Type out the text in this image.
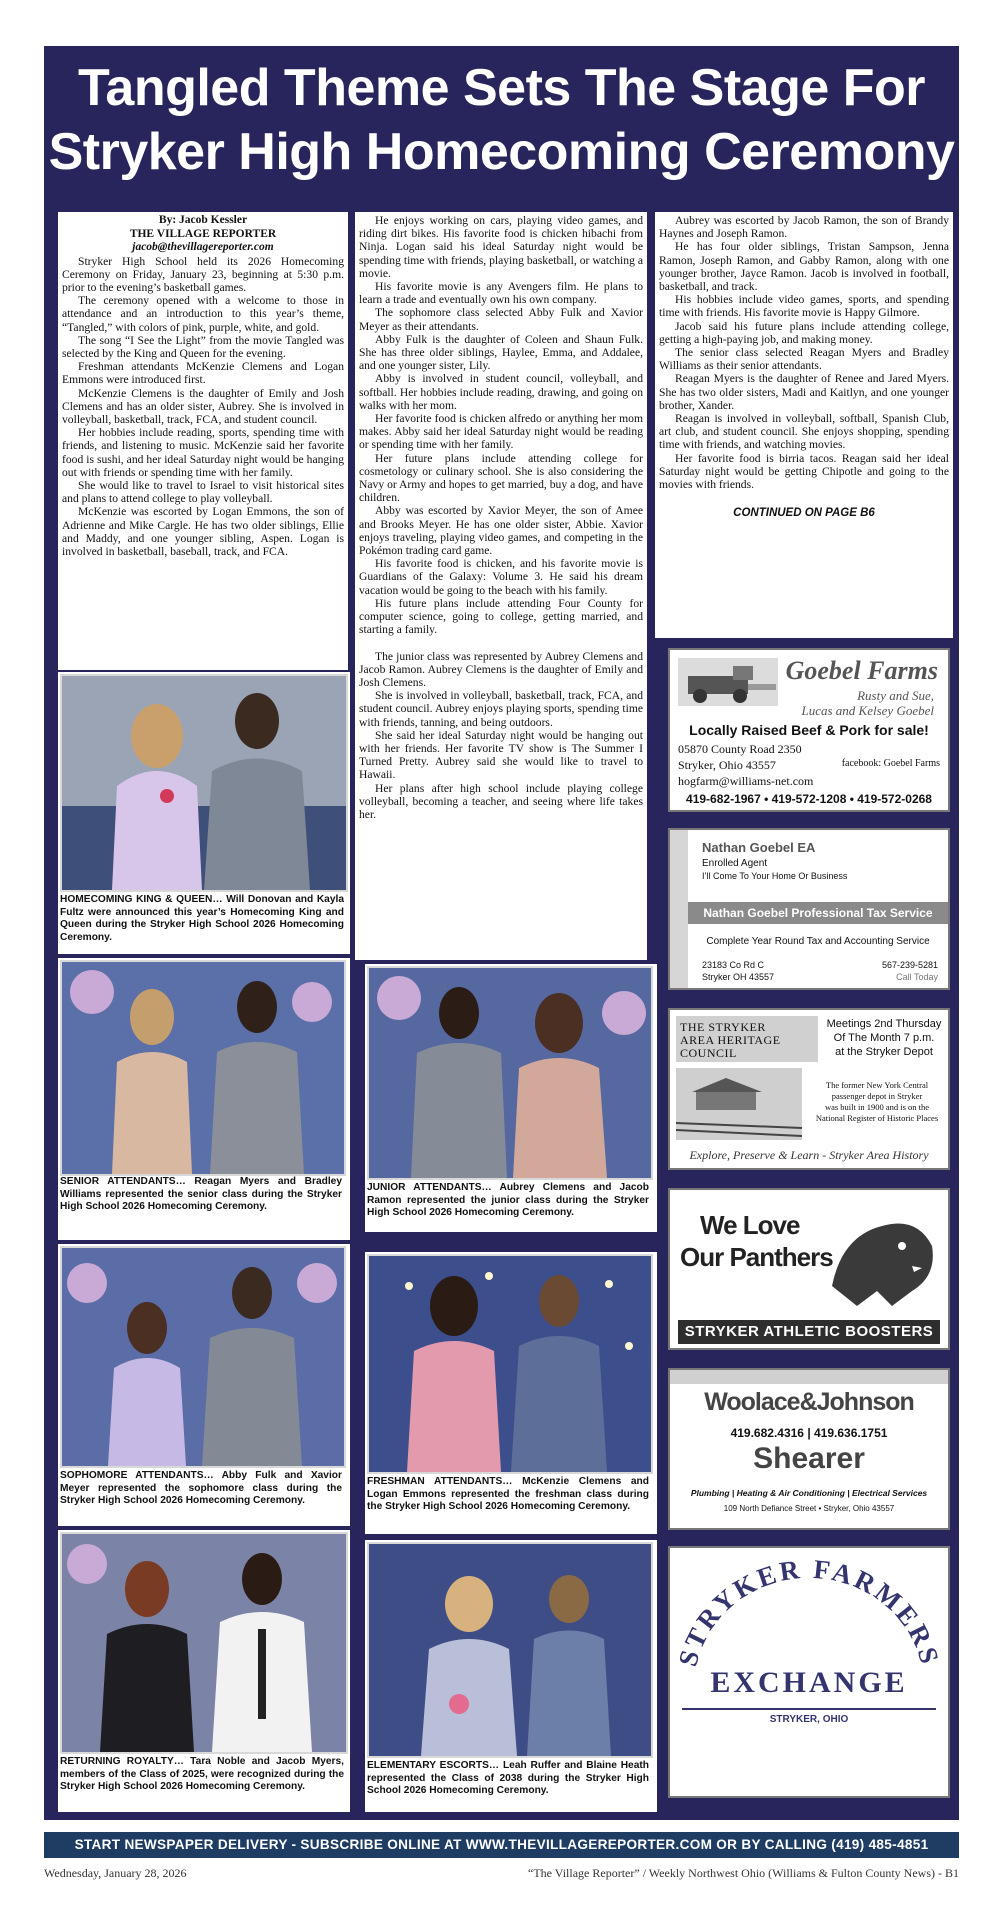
Tangled Theme Sets The Stage For
Stryker High Homecoming Ceremony
By: Jacob Kessler
THE VILLAGE REPORTER
jacob@thevillagereporter.com

Stryker High School held its 2026 Homecoming Ceremony on Friday, January 23, beginning at 5:30 p.m. prior to the evening’s basketball games.

The ceremony opened with a welcome to those in attendance and an introduction to this year’s theme, “Tangled,” with colors of pink, purple, white, and gold.

The song “I See the Light” from the movie Tangled was selected by the King and Queen for the evening.

Freshman attendants McKenzie Clemens and Logan Emmons were introduced first.

McKenzie Clemens is the daughter of Emily and Josh Clemens and has an older sister, Aubrey. She is involved in volleyball, basketball, track, FCA, and student council.

Her hobbies include reading, sports, spending time with friends, and listening to music. McKenzie said her favorite food is sushi, and her ideal Saturday night would be hanging out with friends or spending time with her family.

She would like to travel to Israel to visit historical sites and plans to attend college to play volleyball.

McKenzie was escorted by Logan Emmons, the son of Adrienne and Mike Cargle. He has two older siblings, Ellie and Maddy, and one younger sibling, Aspen. Logan is involved in basketball, baseball, track, and FCA.

He enjoys working on cars, playing video games, and riding dirt bikes. His favorite food is chicken hibachi from Ninja. Logan said his ideal Saturday night would be spending time with friends, playing basketball, or watching a movie.

His favorite movie is any Avengers film. He plans to learn a trade and eventually own his own company.

The sophomore class selected Abby Fulk and Xavior Meyer as their attendants.

Abby Fulk is the daughter of Coleen and Shaun Fulk. She has three older siblings, Haylee, Emma, and Addalee, and one younger sister, Lily.

Abby is involved in student council, volleyball, and softball. Her hobbies include reading, drawing, and going on walks with her mom.

Her favorite food is chicken alfredo or anything her mom makes. Abby said her ideal Saturday night would be reading or spending time with her family.

Her future plans include attending college for cosmetology or culinary school. She is also considering the Navy or Army and hopes to get married, buy a dog, and have children.

Abby was escorted by Xavior Meyer, the son of Amee and Brooks Meyer. He has one older sister, Abbie. Xavior enjoys traveling, playing video games, and competing in the Pokémon trading card game.

His favorite food is chicken, and his favorite movie is Guardians of the Galaxy: Volume 3. He said his dream vacation would be going to the beach with his family.

His future plans include attending Four County for computer science, going to college, getting married, and starting a family.

The junior class was represented by Aubrey Clemens and Jacob Ramon. Aubrey Clemens is the daughter of Emily and Josh Clemens.

She is involved in volleyball, basketball, track, FCA, and student council. Aubrey enjoys playing sports, spending time with friends, tanning, and being outdoors.

She said her ideal Saturday night would be hanging out with her friends. Her favorite TV show is The Summer I Turned Pretty. Aubrey said she would like to travel to Hawaii.

Her plans after high school include playing college volleyball, becoming a teacher, and seeing where life takes her.

Aubrey was escorted by Jacob Ramon, the son of Brandy Haynes and Joseph Ramon.

He has four older siblings, Tristan Sampson, Jenna Ramon, Joseph Ramon, and Gabby Ramon, along with one younger brother, Jayce Ramon. Jacob is involved in football, basketball, and track.

His hobbies include video games, sports, and spending time with friends. His favorite movie is Happy Gilmore.

Jacob said his future plans include attending college, getting a high-paying job, and making money.

The senior class selected Reagan Myers and Bradley Williams as their senior attendants.

Reagan Myers is the daughter of Renee and Jared Myers. She has two older sisters, Madi and Kaitlyn, and one younger brother, Xander.

Reagan is involved in volleyball, softball, Spanish Club, art club, and student council. She enjoys shopping, spending time with friends, and watching movies.

Her favorite food is birria tacos. Reagan said her ideal Saturday night would be getting Chipotle and going to the movies with friends.

CONTINUED ON PAGE B6
HOMECOMING KING & QUEEN… Will Donovan and Kayla Fultz were announced this year’s Homecoming King and Queen during the Stryker High School 2026 Homecoming Ceremony.
SENIOR ATTENDANTS… Reagan Myers and Bradley Williams represented the senior class during the Stryker High School 2026 Homecoming Ceremony.
JUNIOR ATTENDANTS… Aubrey Clemens and Jacob Ramon represented the junior class during the Stryker High School 2026 Homecoming Ceremony.
SOPHOMORE ATTENDANTS… Abby Fulk and Xavior Meyer represented the sophomore class during the Stryker High School 2026 Homecoming Ceremony.
FRESHMAN ATTENDANTS… McKenzie Clemens and Logan Emmons represented the freshman class during the Stryker High School 2026 Homecoming Ceremony.
RETURNING ROYALTY… Tara Noble and Jacob Myers, members of the Class of 2025, were recognized during the Stryker High School 2026 Homecoming Ceremony.
ELEMENTARY ESCORTS… Leah Ruffer and Blaine Heath represented the Class of 2038 during the Stryker High School 2026 Homecoming Ceremony.
Goebel Farms
Rusty and Sue,
Lucas and Kelsey Goebel
Locally Raised Beef & Pork for sale!
05870 County Road 2350
Stryker, Ohio 43557	facebook: Goebel Farms
hogfarm@williams-net.com
419-682-1967 • 419-572-1208 • 419-572-0268
Nathan Goebel EA
Enrolled Agent
I’ll Come To Your Home Or Business
Nathan Goebel Professional Tax Service
Complete Year Round Tax and Accounting Service
23183 Co Rd C
Stryker OH 43557
567-239-5281
Call Today
THE STRYKER
AREA HERITAGE
COUNCIL
Meetings 2nd Thursday
Of The Month 7 p.m.
at the Stryker Depot
The former New York Central
passenger depot in Stryker
was built in 1900 and is on the
National Register of Historic Places
Explore, Preserve & Learn - Stryker Area History
We Love
Our Panthers
STRYKER ATHLETIC BOOSTERS
Woolace&Johnson
419.682.4316 | 419.636.1751
Shearer
Plumbing | Heating & Air Conditioning | Electrical Services
109 North Defiance Street • Stryker, Ohio 43557
STRYKER FARMERS
EXCHANGE
STRYKER, OHIO
START NEWSPAPER DELIVERY - SUBSCRIBE ONLINE AT WWW.THEVILLAGEREPORTER.COM OR BY CALLING (419) 485-4851
Wednesday, January 28, 2026	“The Village Reporter” / Weekly Northwest Ohio (Williams & Fulton County News) - B1
